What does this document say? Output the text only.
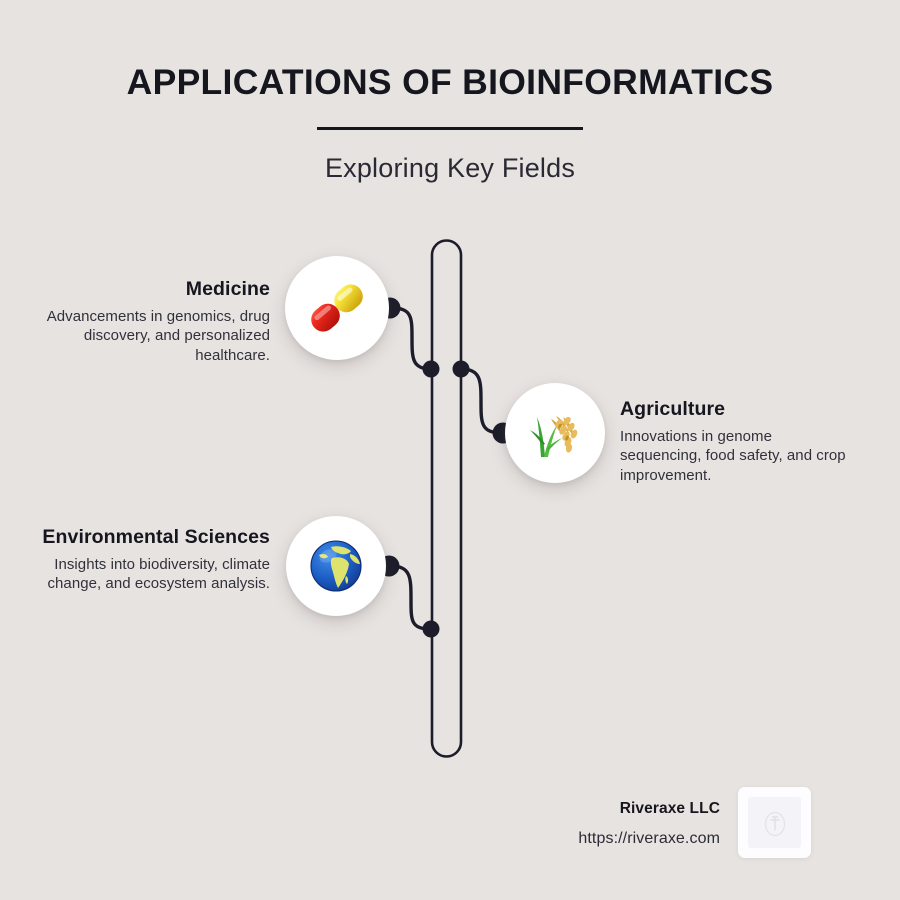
APPLICATIONS OF BIOINFORMATICS
Exploring Key Fields
Medicine
Advancements in genomics, drug discovery, and personalized healthcare.
Agriculture
Innovations in genome sequencing, food safety, and crop improvement.
Environmental Sciences
Insights into biodiversity, climate change, and ecosystem analysis.
Riveraxe LLC
https://riveraxe.com
